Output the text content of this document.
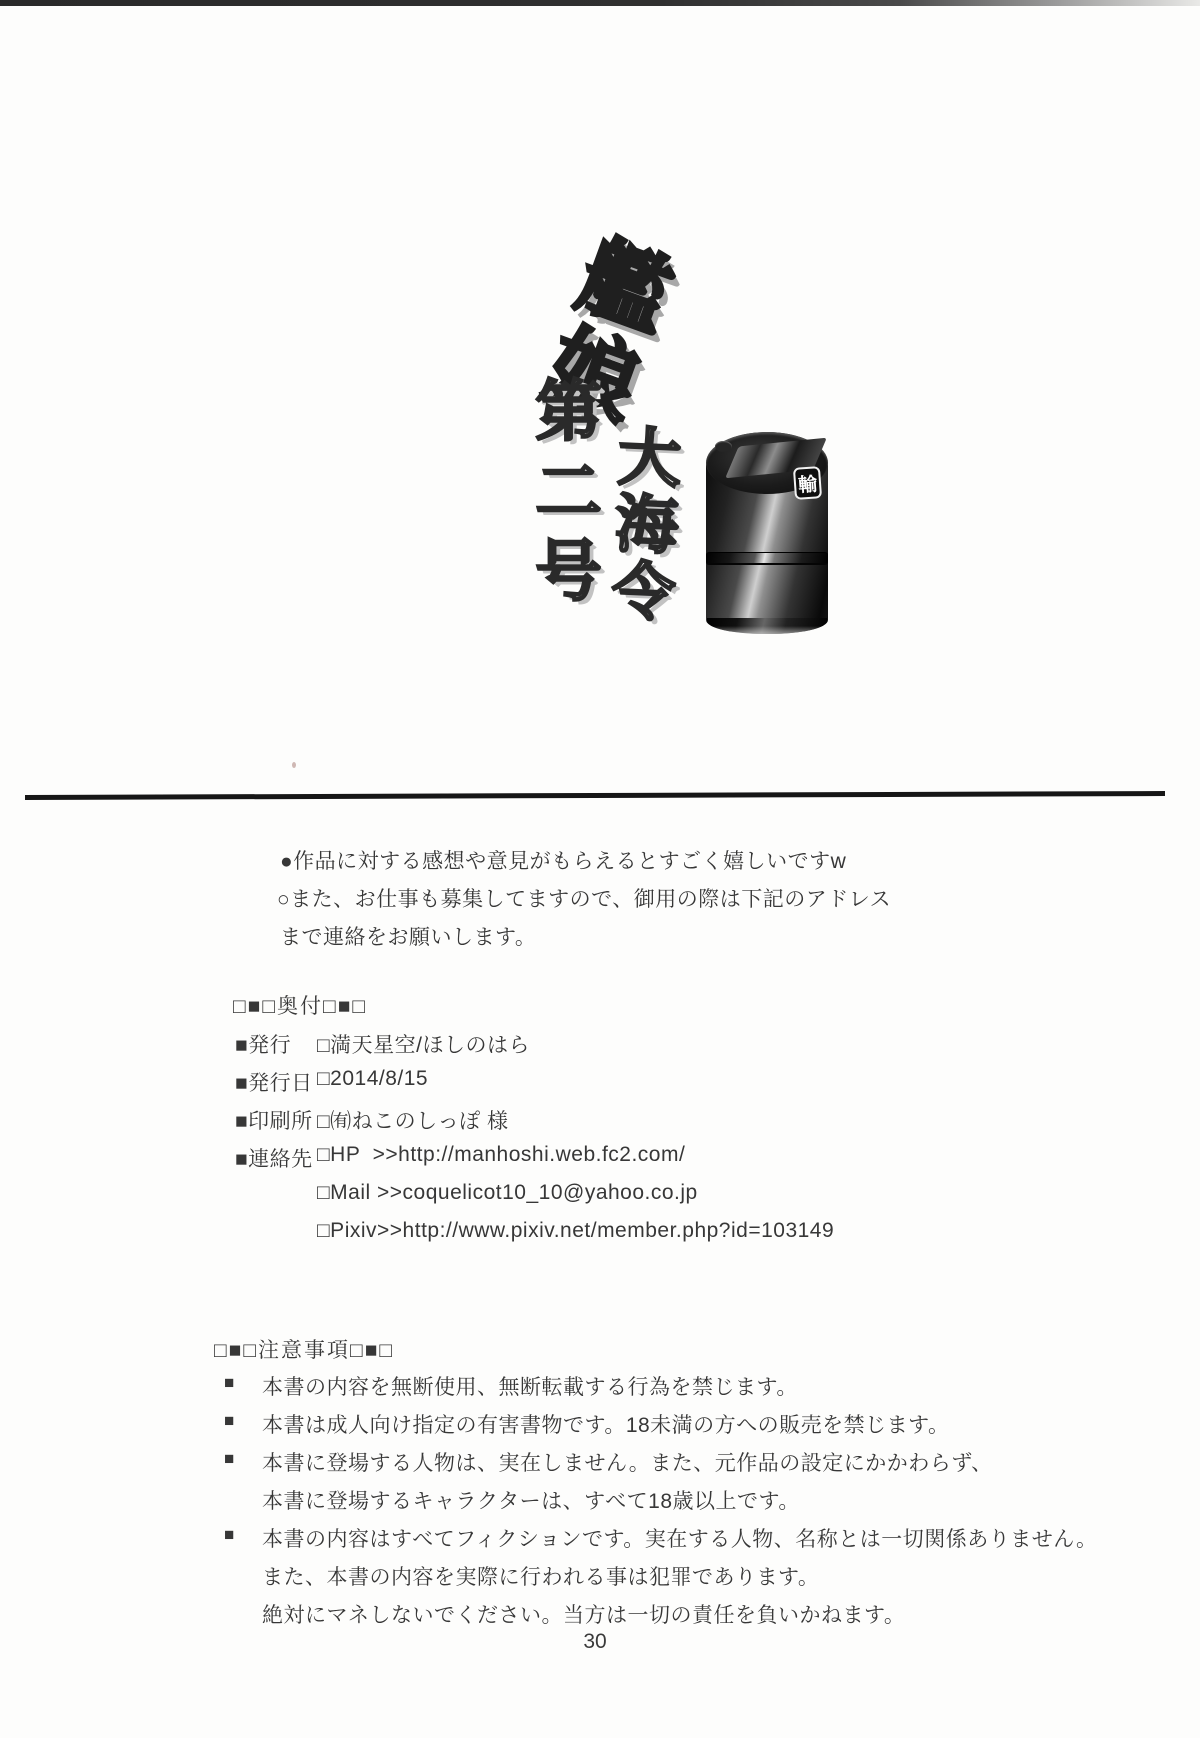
艦娘
第二号 大海令	輸
●作品に対する感想や意見がもらえるとすごく嬉しいですw
○また、お仕事も募集してますので、御用の際は下記のアドレス
まで連絡をお願いします。
□■□奥付□■□
■発行	□満天星空/ほしのはら
■発行日 □2014/8/15
■印刷所 □㈲ねこのしっぽ 様
■連絡先 □HP  >>http://manhoshi.web.fc2.com/
□Mail >>coquelicot10_10@yahoo.co.jp
□Pixiv>>http://www.pixiv.net/member.php?id=103149
□■□注意事項□■□
■	本書の内容を無断使用、無断転載する行為を禁じます。
■	本書は成人向け指定の有害書物です。18未満の方への販売を禁じます。
■	本書に登場する人物は、実在しません。また、元作品の設定にかかわらず、
本書に登場するキャラクターは、すべて18歳以上です。
■	本書の内容はすべてフィクションです。実在する人物、名称とは一切関係ありません。
また、本書の内容を実際に行われる事は犯罪であります。
絶対にマネしないでください。当方は一切の責任を負いかねます。
30
